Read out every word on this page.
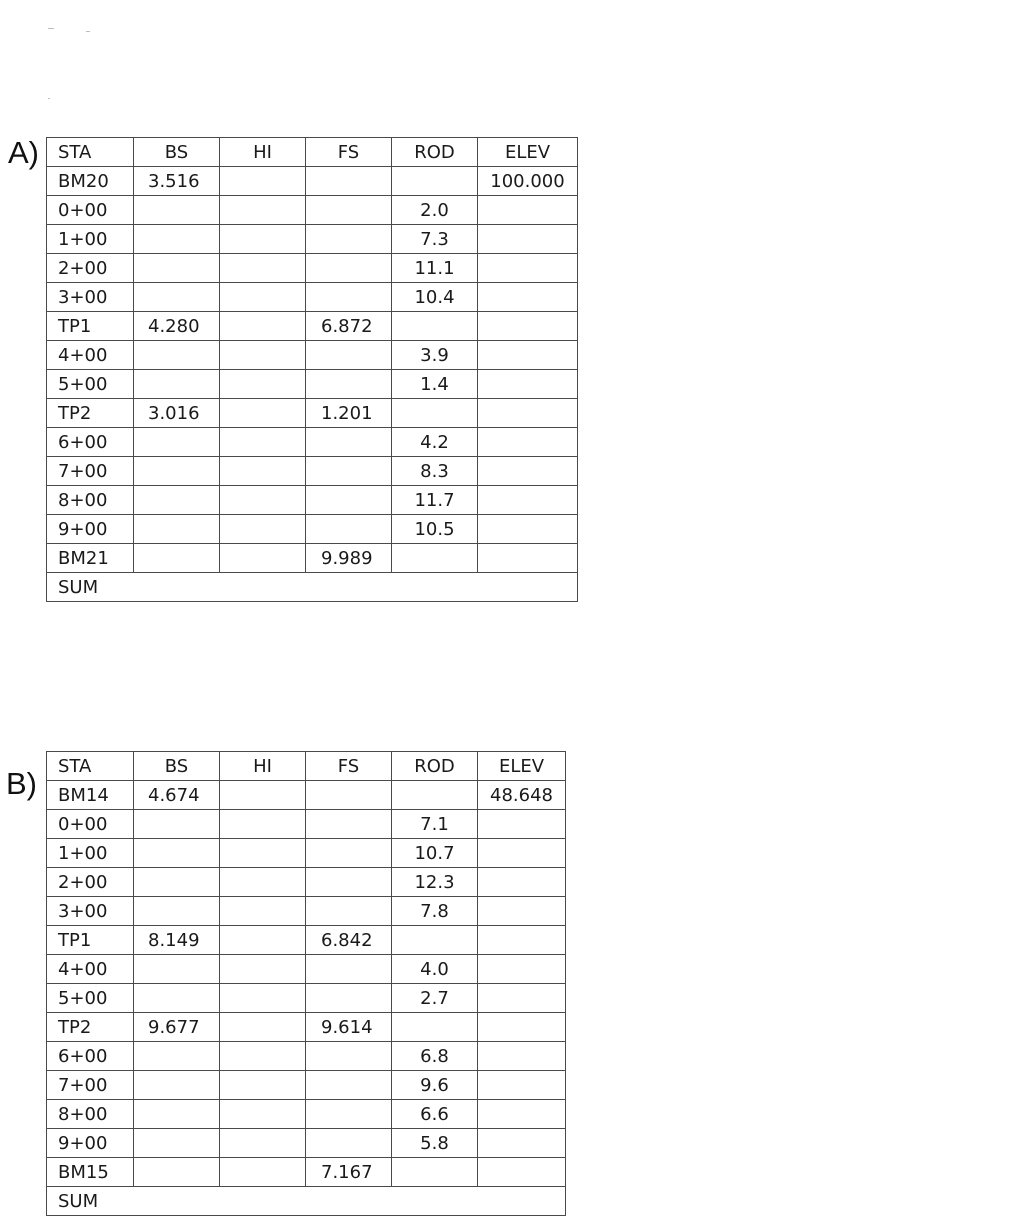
A) STA	BS	HI	FS	ROD	ELEV
BM20	3.516				100.000
0+00				2.0	
1+00				7.3	
2+00				11.1	
3+00				10.4	
TP1	4.280		6.872		
4+00				3.9	
5+00				1.4	
TP2	3.016		1.201		
6+00				4.2	
7+00				8.3	
8+00				11.7	
9+00				10.5	
BM21			9.989		
SUM					
B) STA	BS	HI	FS	ROD	ELEV
BM14	4.674				48.648
0+00				7.1	
1+00				10.7	
2+00				12.3	
3+00				7.8	
TP1	8.149		6.842		
4+00				4.0	
5+00				2.7	
TP2	9.677		9.614		
6+00				6.8	
7+00				9.6	
8+00				6.6	
9+00				5.8	
BM15			7.167		
SUM					
